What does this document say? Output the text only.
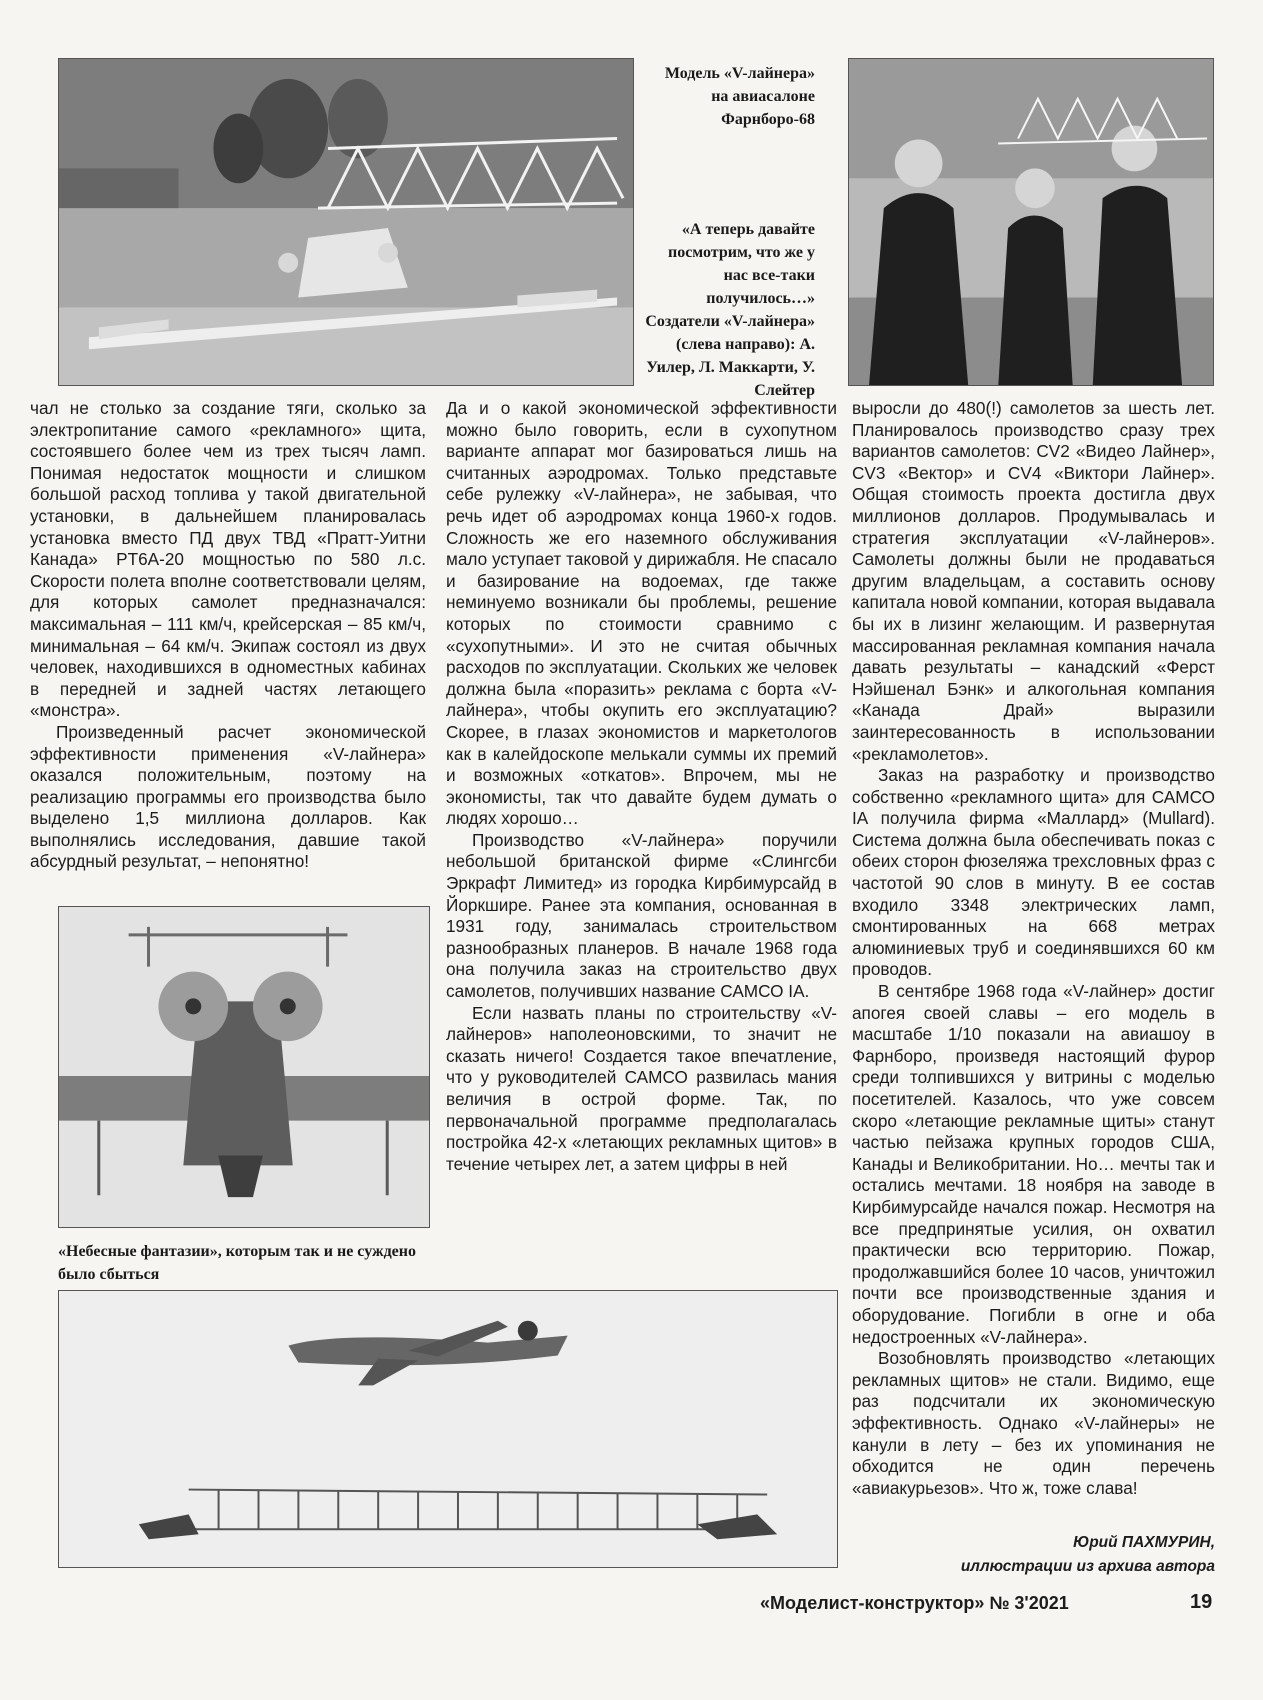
Модель «V-лайнера» на авиасалоне Фарнборо-68
«А теперь давайте посмотрим, что же у нас все-таки получилось…» Создатели «V-лайнера» (слева направо): А. Уилер, Л. Маккарти, У. Слейтер

чал не столько за создание тяги, сколько за электропитание самого «рекламного» щита, состоявшего более чем из трех тысяч ламп. Понимая недостаток мощности и слишком большой расход топлива у такой двигательной установки, в дальнейшем планировалась установка вместо ПД двух ТВД «Пратт-Уитни Канада» PT6A-20 мощностью по 580 л.с. Скорости полета вполне соответствовали целям, для которых самолет предназначался: максимальная – 111 км/ч, крейсерская – 85 км/ч, минимальная – 64 км/ч. Экипаж состоял из двух человек, находившихся в одноместных кабинах в передней и задней частях летающего «монстра».

Произведенный расчет экономической эффективности применения «V-лайнера» оказался положительным, поэтому на реализацию программы его производства было выделено 1,5 миллиона долларов. Как выполнялись исследования, давшие такой абсурдный результат, – непонятно!

«Небесные фантазии», которым так и не суждено было сбыться

Да и о какой экономической эффективности можно было говорить, если в сухопутном варианте аппарат мог базироваться лишь на считанных аэродромах. Только представьте себе рулежку «V-лайнера», не забывая, что речь идет об аэродромах конца 1960-х годов. Сложность же его наземного обслуживания мало уступает таковой у дирижабля. Не спасало и базирование на водоемах, где также неминуемо возникали бы проблемы, решение которых по стоимости сравнимо с «сухопутными». И это не считая обычных расходов по эксплуатации. Скольких же человек должна была «поразить» реклама с борта «V-лайнера», чтобы окупить его эксплуатацию? Скорее, в глазах экономистов и маркетологов как в калейдоскопе мелькали суммы их премий и возможных «откатов». Впрочем, мы не экономисты, так что давайте будем думать о людях хорошо…

Производство «V-лайнера» поручили небольшой британской фирме «Слингсби Эркрафт Лимитед» из городка Кирбимурсайд в Йоркшире. Ранее эта компания, основанная в 1931 году, занималась строительством разнообразных планеров. В начале 1968 года она получила заказ на строительство двух самолетов, получивших название САМСО IA.

Если назвать планы по строительству «V-лайнеров» наполеоновскими, то значит не сказать ничего! Создается такое впечатление, что у руководителей САМСО развилась мания величия в острой форме. Так, по первоначальной программе предполагалась постройка 42-х «летающих рекламных щитов» в течение четырех лет, а затем цифры в ней

выросли до 480(!) самолетов за шесть лет. Планировалось производство сразу трех вариантов самолетов: CV2 «Видео Лайнер», CV3 «Вектор» и CV4 «Виктори Лайнер». Общая стоимость проекта достигла двух миллионов долларов. Продумывалась и стратегия эксплуатации «V-лайнеров». Самолеты должны были не продаваться другим владельцам, а составить основу капитала новой компании, которая выдавала бы их в лизинг желающим. И развернутая массированная рекламная компания начала давать результаты – канадский «Ферст Нэйшенал Бэнк» и алкогольная компания «Канада Драй» выразили заинтересованность в использовании «рекламолетов».

Заказ на разработку и производство собственно «рекламного щита» для САМСО IA получила фирма «Маллард» (Mullard). Система должна была обеспечивать показ с обеих сторон фюзеляжа трехсловных фраз с частотой 90 слов в минуту. В ее состав входило 3348 электрических ламп, смонтированных на 668 метрах алюминиевых труб и соединявшихся 60 км проводов.

В сентябре 1968 года «V-лайнер» достиг апогея своей славы – его модель в масштабе 1/10 показали на авиашоу в Фарнборо, произведя настоящий фурор среди толпившихся у витрины с моделью посетителей. Казалось, что уже совсем скоро «летающие рекламные щиты» станут частью пейзажа крупных городов США, Канады и Великобритании. Но… мечты так и остались мечтами. 18 ноября на заводе в Кирбимурсайде начался пожар. Несмотря на все предпринятые усилия, он охватил практически всю территорию. Пожар, продолжавшийся более 10 часов, уничтожил почти все производственные здания и оборудование. Погибли в огне и оба недостроенных «V-лайнера».

Возобновлять производство «летающих рекламных щитов» не стали. Видимо, еще раз подсчитали их экономическую эффективность. Однако «V-лайнеры» не канули в лету – без их упоминания не обходится не один перечень «авиакурьезов». Что ж, тоже слава!

Юрий ПАХМУРИН,
иллюстрации из архива автора
«Моделист-конструктор» № 3'2021	19
